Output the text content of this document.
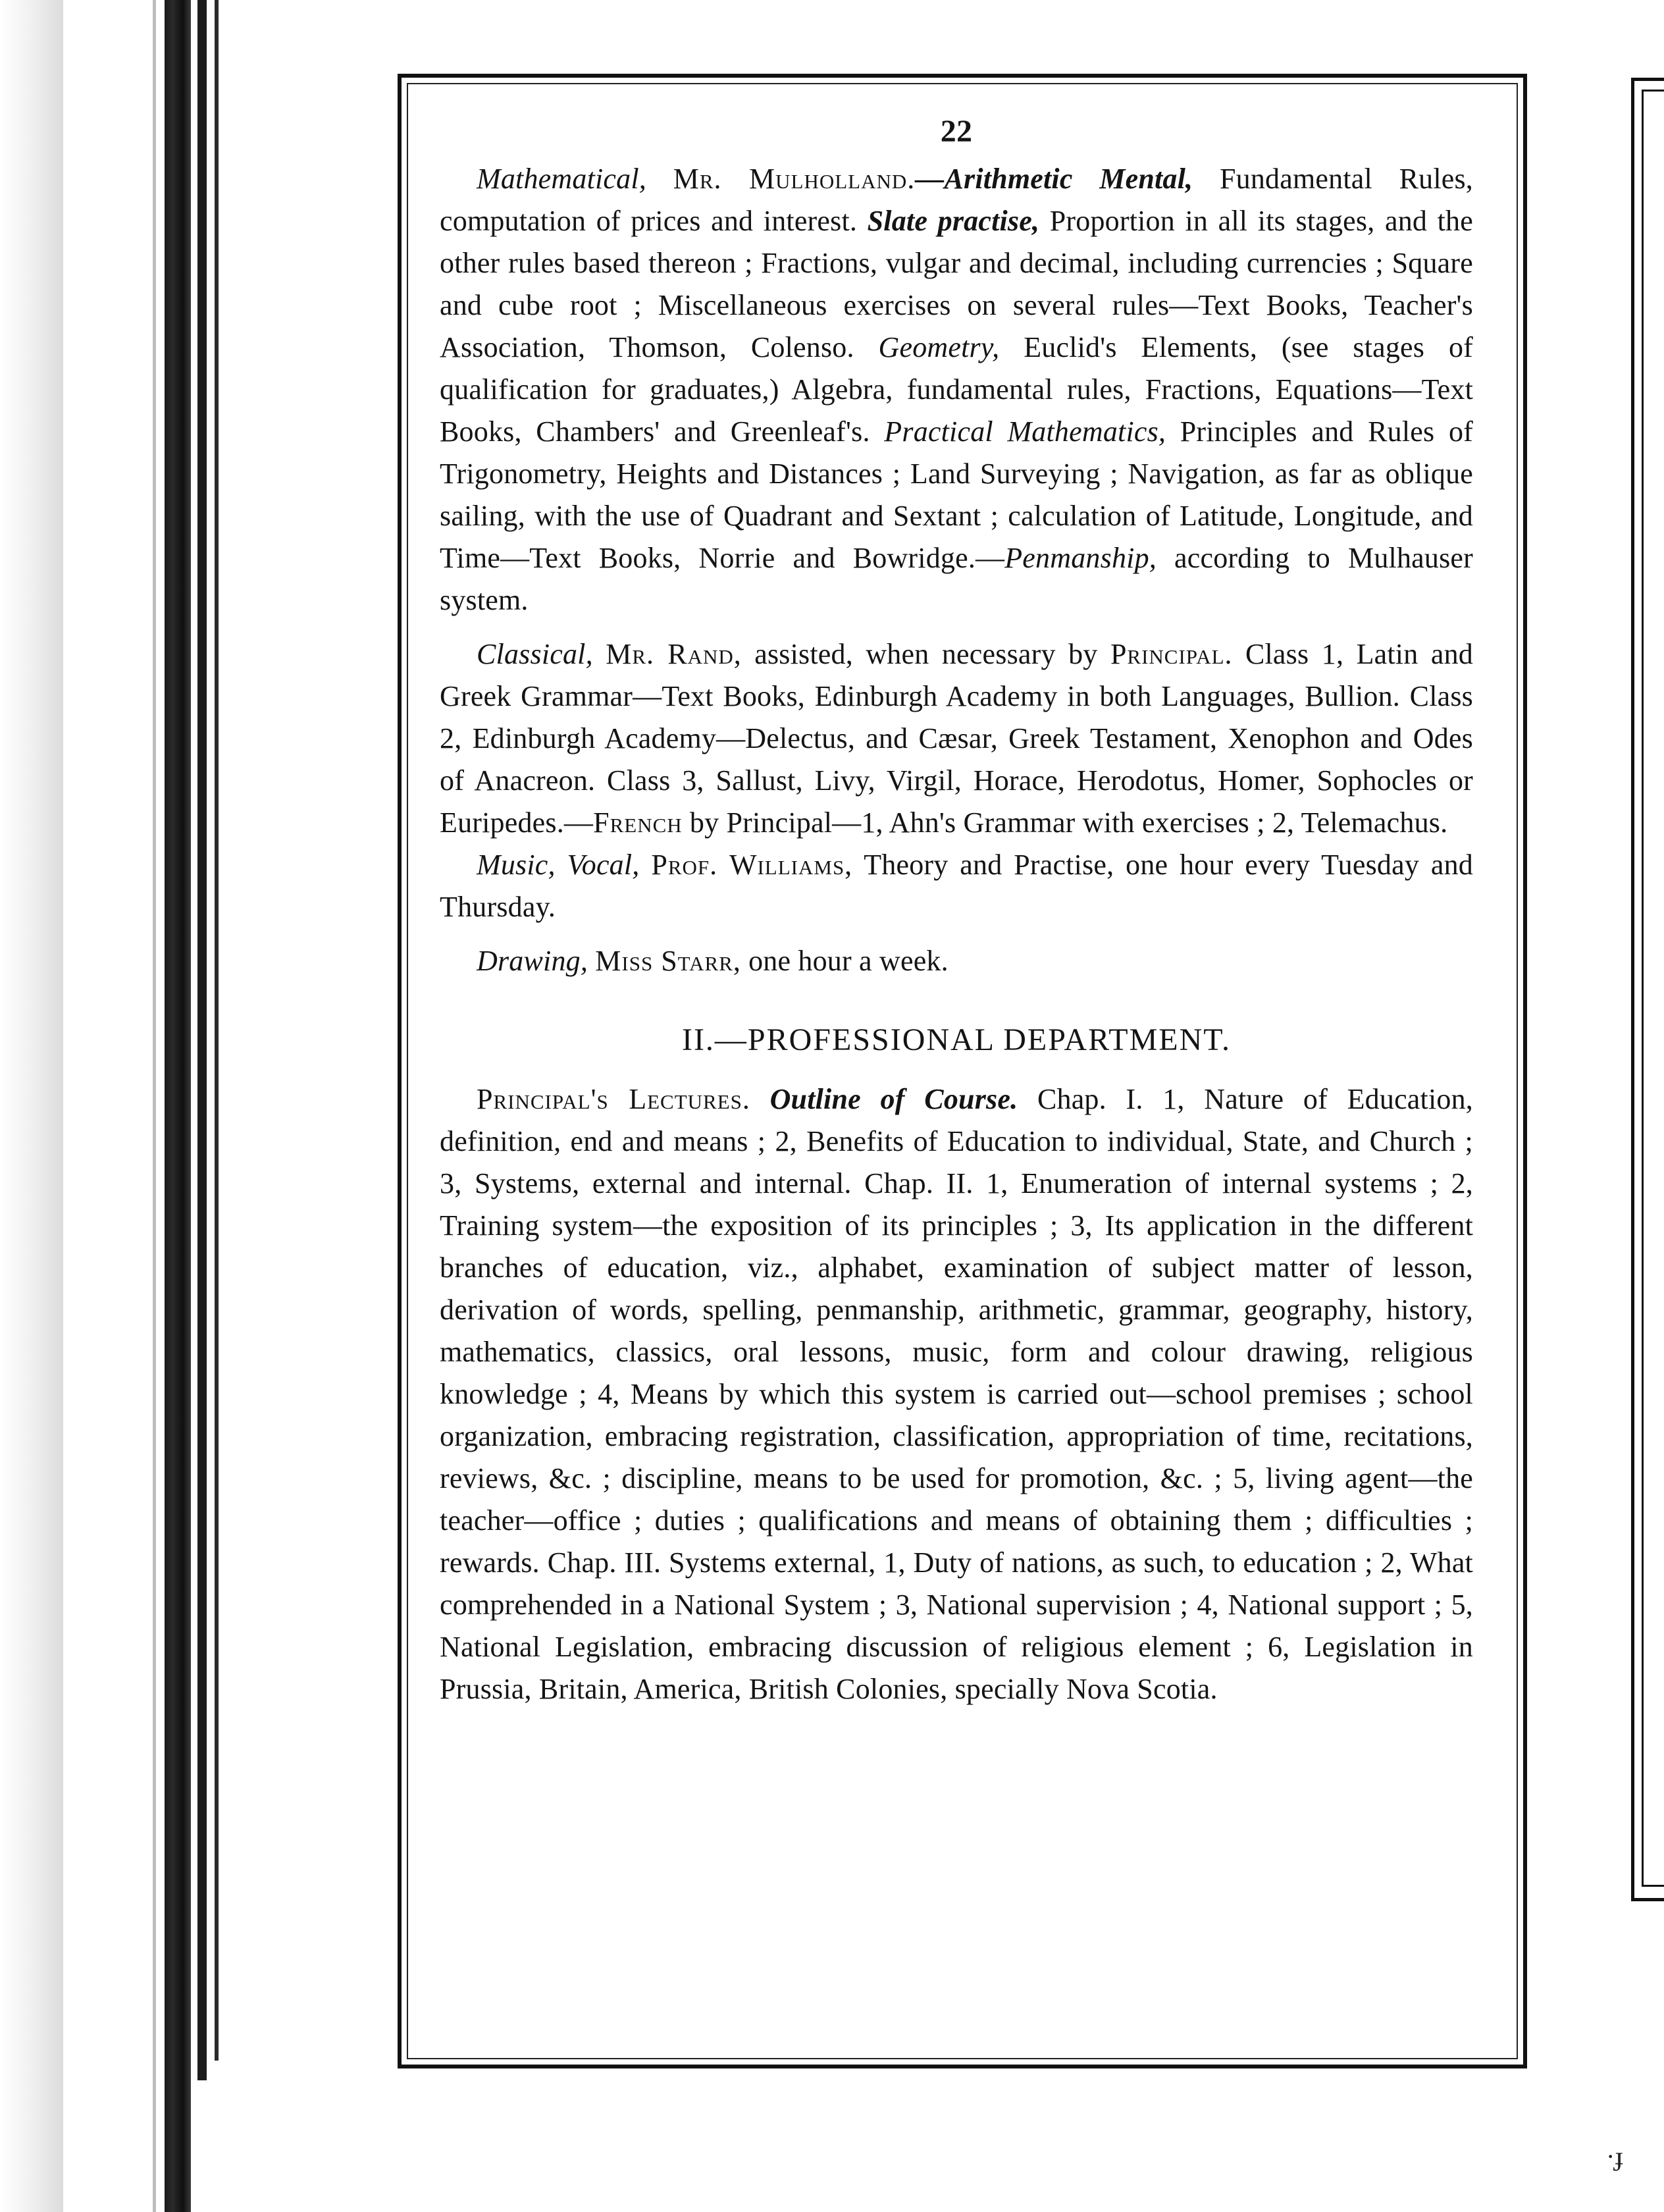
·ɟ
22

Mathematical, Mr. Mulholland.—Arithmetic Mental, Fundamental Rules, computation of prices and interest. Slate practise, Proportion in all its stages, and the other rules based thereon ; Fractions, vulgar and decimal, including currencies ; Square and cube root ; Miscellaneous exercises on several rules—Text Books, Teacher's Association, Thomson, Colenso. Geometry, Euclid's Elements, (see stages of qualification for graduates,) Algebra, fundamental rules, Fractions, Equations—Text Books, Chambers' and Greenleaf's. Practical Mathematics, Principles and Rules of Trigonometry, Heights and Distances ; Land Surveying ; Navigation, as far as oblique sailing, with the use of Quadrant and Sextant ; calculation of Latitude, Longitude, and Time—Text Books, Norrie and Bowridge.—Penmanship, according to Mulhauser system.

Classical, Mr. Rand, assisted, when necessary by Principal. Class 1, Latin and Greek Grammar—Text Books, Edinburgh Academy in both Languages, Bullion. Class 2, Edinburgh Academy—Delectus, and Cæsar, Greek Testament, Xenophon and Odes of Anacreon. Class 3, Sallust, Livy, Virgil, Horace, Herodotus, Homer, Sophocles or Euripedes.—French by Principal—1, Ahn's Grammar with exercises ; 2, Telemachus.

Music, Vocal, Prof. Williams, Theory and Practise, one hour every Tuesday and Thursday.

Drawing, Miss Starr, one hour a week.

II.—PROFESSIONAL DEPARTMENT.

Principal's Lectures. Outline of Course. Chap. I. 1, Nature of Education, definition, end and means ; 2, Benefits of Education to individual, State, and Church ; 3, Systems, external and internal. Chap. II. 1, Enumeration of internal systems ; 2, Training system—the exposition of its principles ; 3, Its application in the different branches of education, viz., alphabet, examination of subject matter of lesson, derivation of words, spelling, penmanship, arithmetic, grammar, geography, history, mathematics, classics, oral lessons, music, form and colour drawing, religious knowledge ; 4, Means by which this system is carried out—school premises ; school organization, embracing registration, classification, appropriation of time, recitations, reviews, &c. ; discipline, means to be used for promotion, &c. ; 5, living agent—the teacher—office ; duties ; qualifications and means of obtaining them ; difficulties ; rewards. Chap. III. Systems external, 1, Duty of nations, as such, to education ; 2, What comprehended in a National System ; 3, National supervision ; 4, National support ; 5, National Legislation, embracing discussion of religious element ; 6, Legislation in Prussia, Britain, America, British Colonies, specially Nova Scotia.
